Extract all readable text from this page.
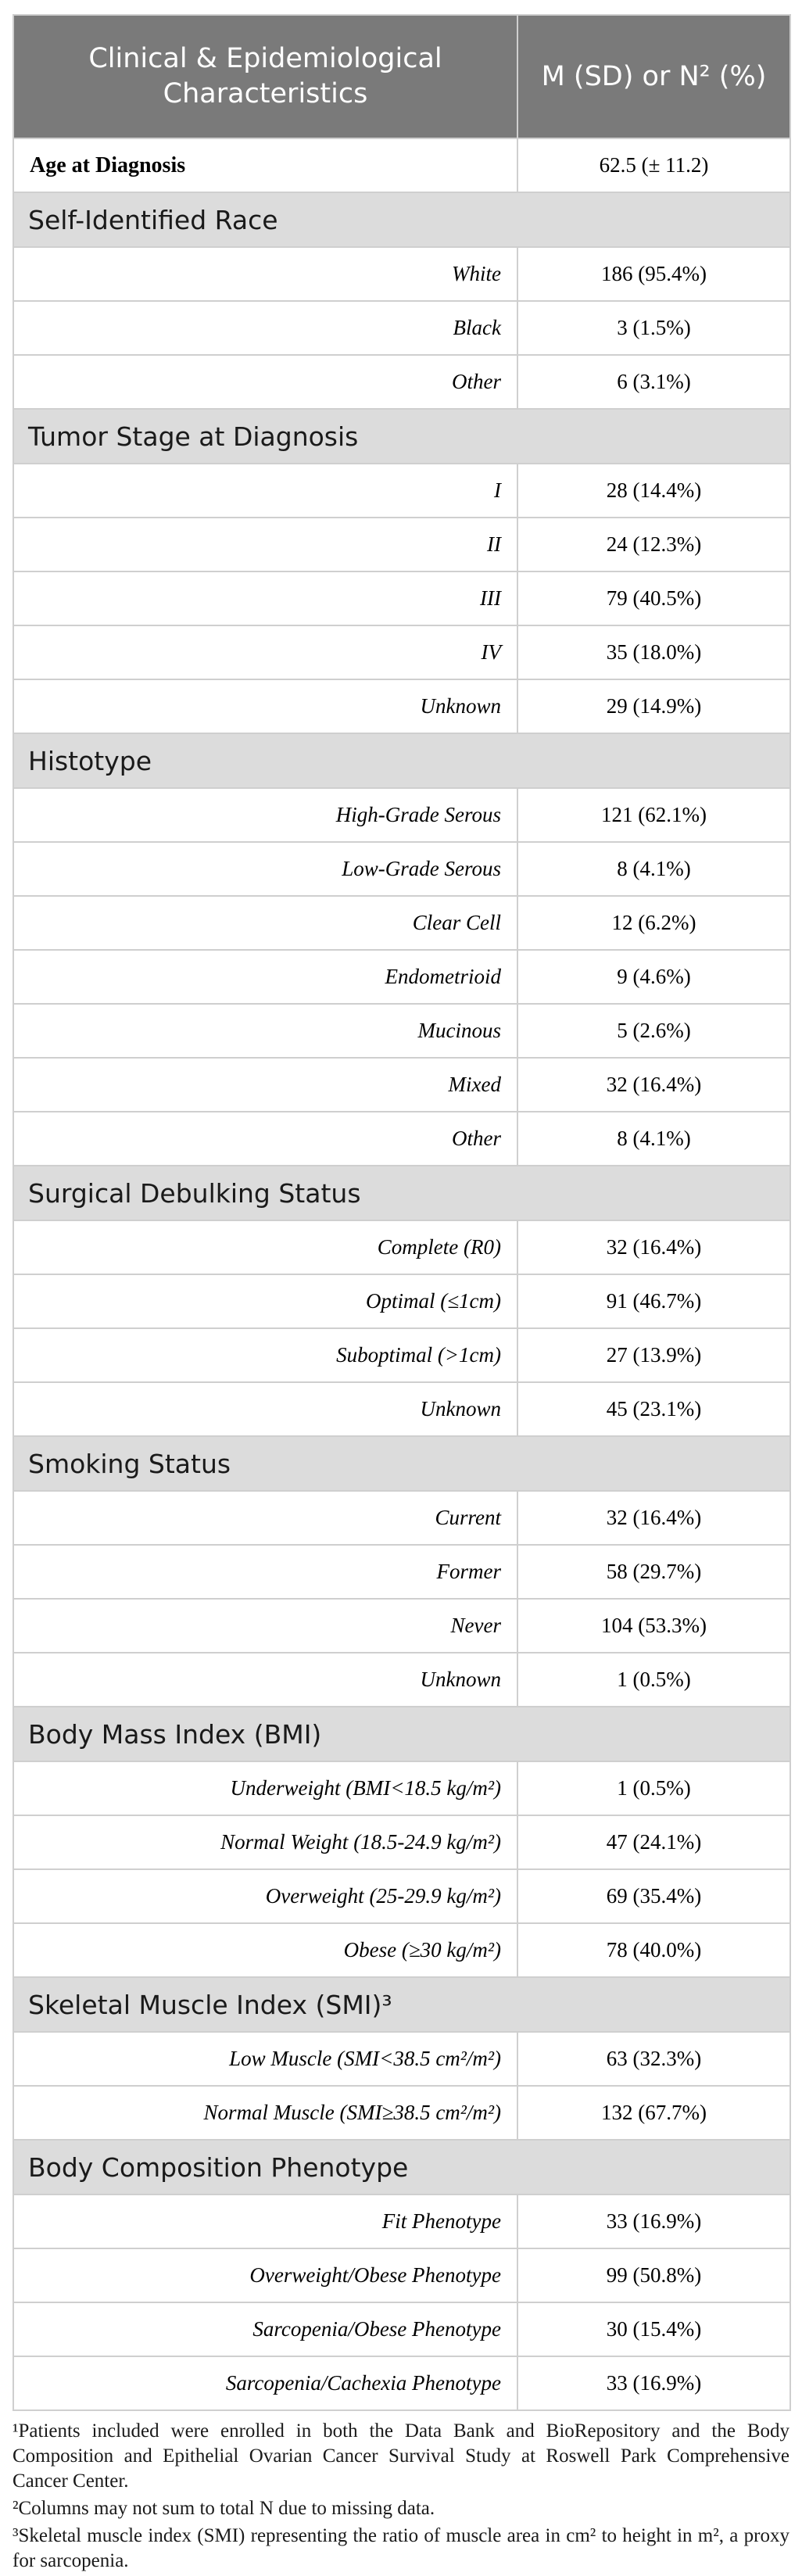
Clinical & Epidemiological
Characteristics	M (SD) or N² (%)
Age at Diagnosis	62.5 (± 11.2)
Self-Identified Race	
White	186 (95.4%)
Black	3 (1.5%)
Other	6 (3.1%)
Tumor Stage at Diagnosis	
I	28 (14.4%)
II	24 (12.3%)
III	79 (40.5%)
IV	35 (18.0%)
Unknown	29 (14.9%)
Histotype	
High-Grade Serous	121 (62.1%)
Low-Grade Serous	8 (4.1%)
Clear Cell	12 (6.2%)
Endometrioid	9 (4.6%)
Mucinous	5 (2.6%)
Mixed	32 (16.4%)
Other	8 (4.1%)
Surgical Debulking Status	
Complete (R0)	32 (16.4%)
Optimal (≤1cm)	91 (46.7%)
Suboptimal (>1cm)	27 (13.9%)
Unknown	45 (23.1%)
Smoking Status	
Current	32 (16.4%)
Former	58 (29.7%)
Never	104 (53.3%)
Unknown	1 (0.5%)
Body Mass Index (BMI)	
Underweight (BMI<18.5 kg/m²)	1 (0.5%)
Normal Weight (18.5-24.9 kg/m²)	47 (24.1%)
Overweight (25-29.9 kg/m²)	69 (35.4%)
Obese (≥30 kg/m²)	78 (40.0%)
Skeletal Muscle Index (SMI)³	
Low Muscle (SMI<38.5 cm²/m²)	63 (32.3%)
Normal Muscle (SMI≥38.5 cm²/m²)	132 (67.7%)
Body Composition Phenotype	
Fit Phenotype	33 (16.9%)
Overweight/Obese Phenotype	99 (50.8%)
Sarcopenia/Obese Phenotype	30 (15.4%)
Sarcopenia/Cachexia Phenotype	33 (16.9%)

¹Patients included were enrolled in both the Data Bank and BioRepository and the Body Composition and Epithelial Ovarian Cancer Survival Study at Roswell Park Comprehensive Cancer Center.

²Columns may not sum to total N due to missing data.

³Skeletal muscle index (SMI) representing the ratio of muscle area in cm² to height in m², a proxy for sarcopenia.
